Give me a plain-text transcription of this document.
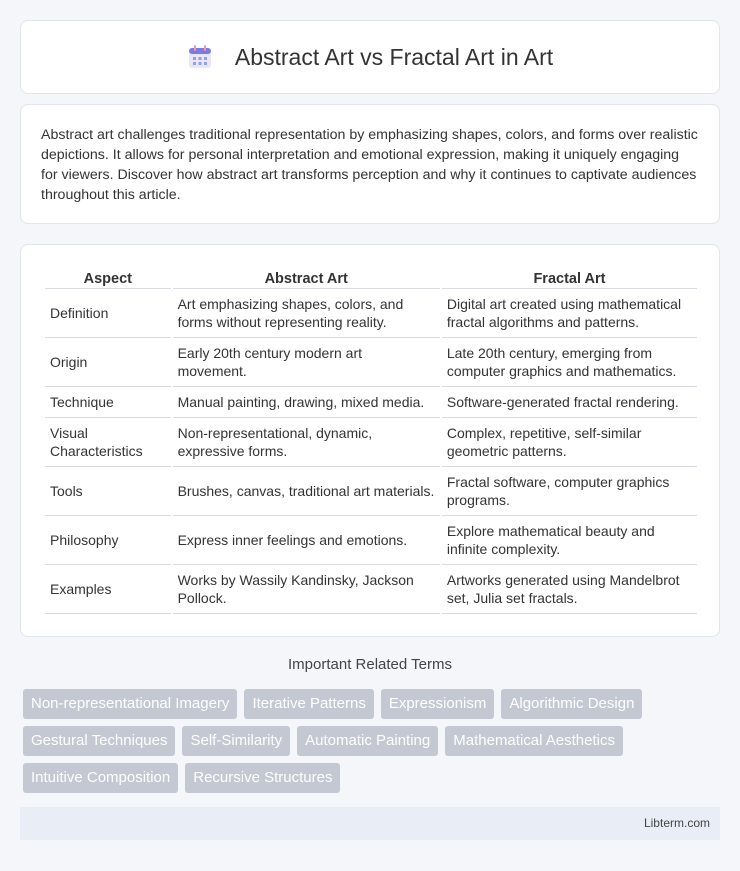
Abstract Art vs Fractal Art in Art

Abstract art challenges traditional representation by emphasizing shapes, colors, and forms over realistic depictions. It allows for personal interpretation and emotional expression, making it uniquely engaging for viewers. Discover how abstract art transforms perception and why it continues to captivate audiences throughout this article.

Aspect	Abstract Art	Fractal Art
Definition	Art emphasizing shapes, colors, and forms without representing reality.	Digital art created using mathematical fractal algorithms and patterns.
Origin	Early 20th century modern art movement.	Late 20th century, emerging from computer graphics and mathematics.
Technique	Manual painting, drawing, mixed media.	Software-generated fractal rendering.
Visual Characteristics	Non-representational, dynamic, expressive forms.	Complex, repetitive, self-similar geometric patterns.
Tools	Brushes, canvas, traditional art materials.	Fractal software, computer graphics programs.
Philosophy	Express inner feelings and emotions.	Explore mathematical beauty and infinite complexity.
Examples	Works by Wassily Kandinsky, Jackson Pollock.	Artworks generated using Mandelbrot set, Julia set fractals.
Important Related Terms
Non-representational Imagery	Iterative Patterns	Expressionism	Algorithmic Design
Gestural Techniques	Self-Similarity	Automatic Painting	Mathematical Aesthetics
Intuitive Composition	Recursive Structures
Libterm.com
